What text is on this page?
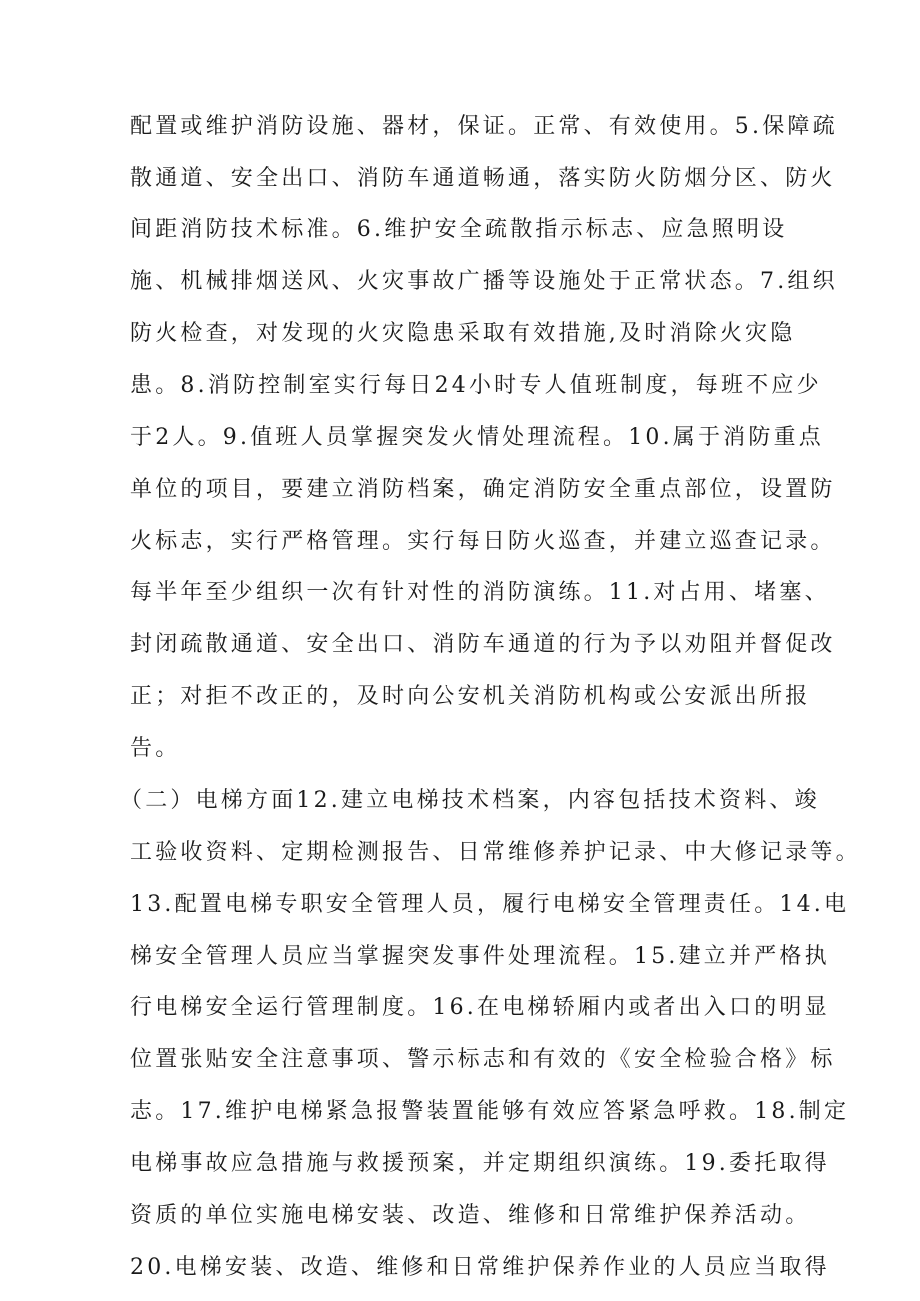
配置或维护消防设施、器材，保证。正常、有效使用。5.保障疏
散通道、安全出口、消防车通道畅通，落实防火防烟分区、防火
间距消防技术标准。6.维护安全疏散指示标志、应急照明设
施、机械排烟送风、火灾事故广播等设施处于正常状态。7.组织
防火检查，对发现的火灾隐患采取有效措施,及时消除火灾隐
患。8.消防控制室实行每日24小时专人值班制度，每班不应少
于2人。9.值班人员掌握突发火情处理流程。10.属于消防重点
单位的项目，要建立消防档案，确定消防安全重点部位，设置防
火标志，实行严格管理。实行每日防火巡查，并建立巡查记录。
每半年至少组织一次有针对性的消防演练。11.对占用、堵塞、
封闭疏散通道、安全出口、消防车通道的行为予以劝阻并督促改
正；对拒不改正的，及时向公安机关消防机构或公安派出所报
告。
（二）电梯方面12.建立电梯技术档案，内容包括技术资料、竣
工验收资料、定期检测报告、日常维修养护记录、中大修记录等。
13.配置电梯专职安全管理人员，履行电梯安全管理责任。14.电
梯安全管理人员应当掌握突发事件处理流程。15.建立并严格执
行电梯安全运行管理制度。16.在电梯轿厢内或者出入口的明显
位置张贴安全注意事项、警示标志和有效的《安全检验合格》标
志。17.维护电梯紧急报警装置能够有效应答紧急呼救。18.制定
电梯事故应急措施与救援预案，并定期组织演练。19.委托取得
资质的单位实施电梯安装、改造、维修和日常维护保养活动。
20.电梯安装、改造、维修和日常维护保养作业的人员应当取得
